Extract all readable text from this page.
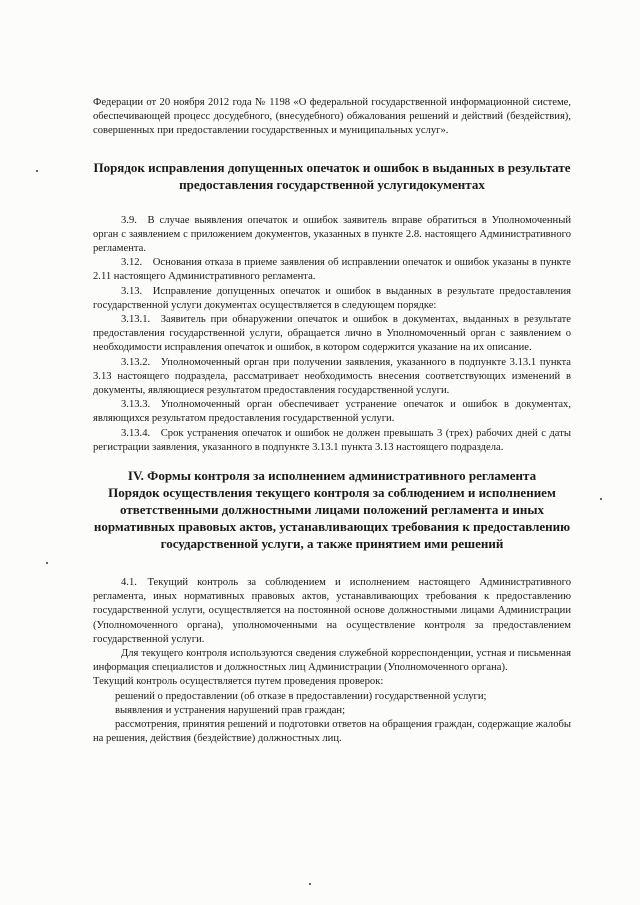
Федерации от 20 ноября 2012 года № 1198 «О федеральной государственной информационной системе, обеспечивающей процесс досудебного, (внесудебного) обжалования решений и действий (бездействия), совершенных при предоставлении государственных и муниципальных услуг».

Порядок исправления допущенных опечаток и ошибок в выданных в результате предоставления государственной услугидокументах

3.9. В случае выявления опечаток и ошибок заявитель вправе обратиться в Уполномоченный орган с заявлением с приложением документов, указанных в пункте 2.8. настоящего Административного регламента.

3.12. Основания отказа в приеме заявления об исправлении опечаток и ошибок указаны в пункте 2.11 настоящего Административного регламента.

3.13. Исправление допущенных опечаток и ошибок в выданных в результате предоставления государственной услуги документах осуществляется в следующем порядке:

3.13.1. Заявитель при обнаружении опечаток и ошибок в документах, выданных в результате предоставления государственной услуги, обращается лично в Уполномоченный орган с заявлением о необходимости исправления опечаток и ошибок, в котором содержится указание на их описание.

3.13.2. Уполномоченный орган при получении заявления, указанного в подпункте 3.13.1 пункта 3.13 настоящего подраздела, рассматривает необходимость внесения соответствующих изменений в документы, являющиеся результатом предоставления государственной услуги.

3.13.3. Уполномоченный орган обеспечивает устранение опечаток и ошибок в документах, являющихся результатом предоставления государственной услуги.

3.13.4. Срок устранения опечаток и ошибок не должен превышать 3 (трех) рабочих дней с даты регистрации заявления, указанного в подпункте 3.13.1 пункта 3.13 настоящего подраздела.

IV. Формы контроля за исполнением административного регламента
Порядок осуществления текущего контроля за соблюдением и исполнением ответственными должностными лицами положений регламента и иных нормативных правовых актов, устанавливающих требования к предоставлению государственной услуги, а также принятием ими решений

4.1. Текущий контроль за соблюдением и исполнением настоящего Административного регламента, иных нормативных правовых актов, устанавливающих требования к предоставлению государственной услуги, осуществляется на постоянной основе должностными лицами Администрации (Уполномоченного органа), уполномоченными на осуществление контроля за предоставлением государственной услуги.

Для текущего контроля используются сведения служебной корреспонденции, устная и письменная информация специалистов и должностных лиц Администрации (Уполномоченного органа).

Текущий контроль осуществляется путем проведения проверок:

решений о предоставлении (об отказе в предоставлении) государственной услуги;

выявления и устранения нарушений прав граждан;

рассмотрения, принятия решений и подготовки ответов на обращения граждан, содержащие жалобы на решения, действия (бездействие) должностных лиц.
